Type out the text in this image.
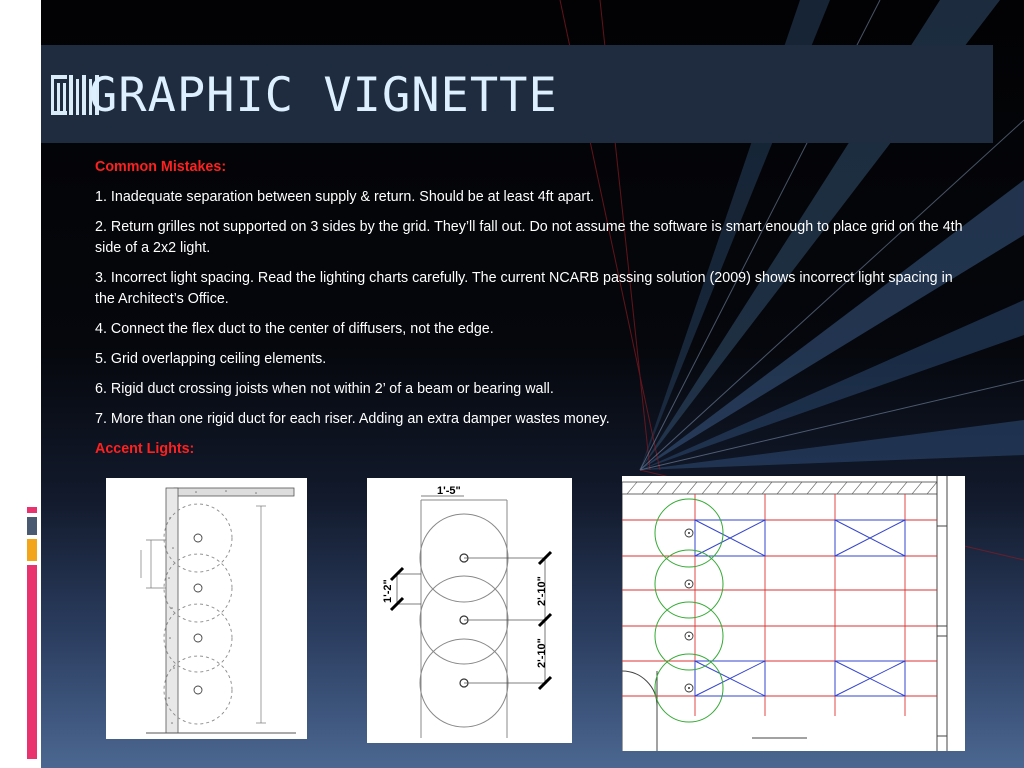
GRAPHIC VIGNETTE

Common Mistakes:

1. Inadequate separation between supply & return. Should be at least 4ft apart.

2. Return grilles not supported on 3 sides by the grid. They’ll fall out. Do not assume the software is smart enough to place grid on the 4th side of a 2x2 light.

3. Incorrect light spacing. Read the lighting charts carefully. The current NCARB passing solution (2009) shows incorrect light spacing in the Architect’s Office.

4. Connect the flex duct to the center of diffusers, not the edge.

5. Grid overlapping ceiling elements.

6. Rigid duct crossing joists when not within 2’ of a beam or bearing wall.

7. More than one rigid duct for each riser. Adding an extra damper wastes money.

Accent Lights:

1'-5"
1'-2"	2'-10"
2'-10"
